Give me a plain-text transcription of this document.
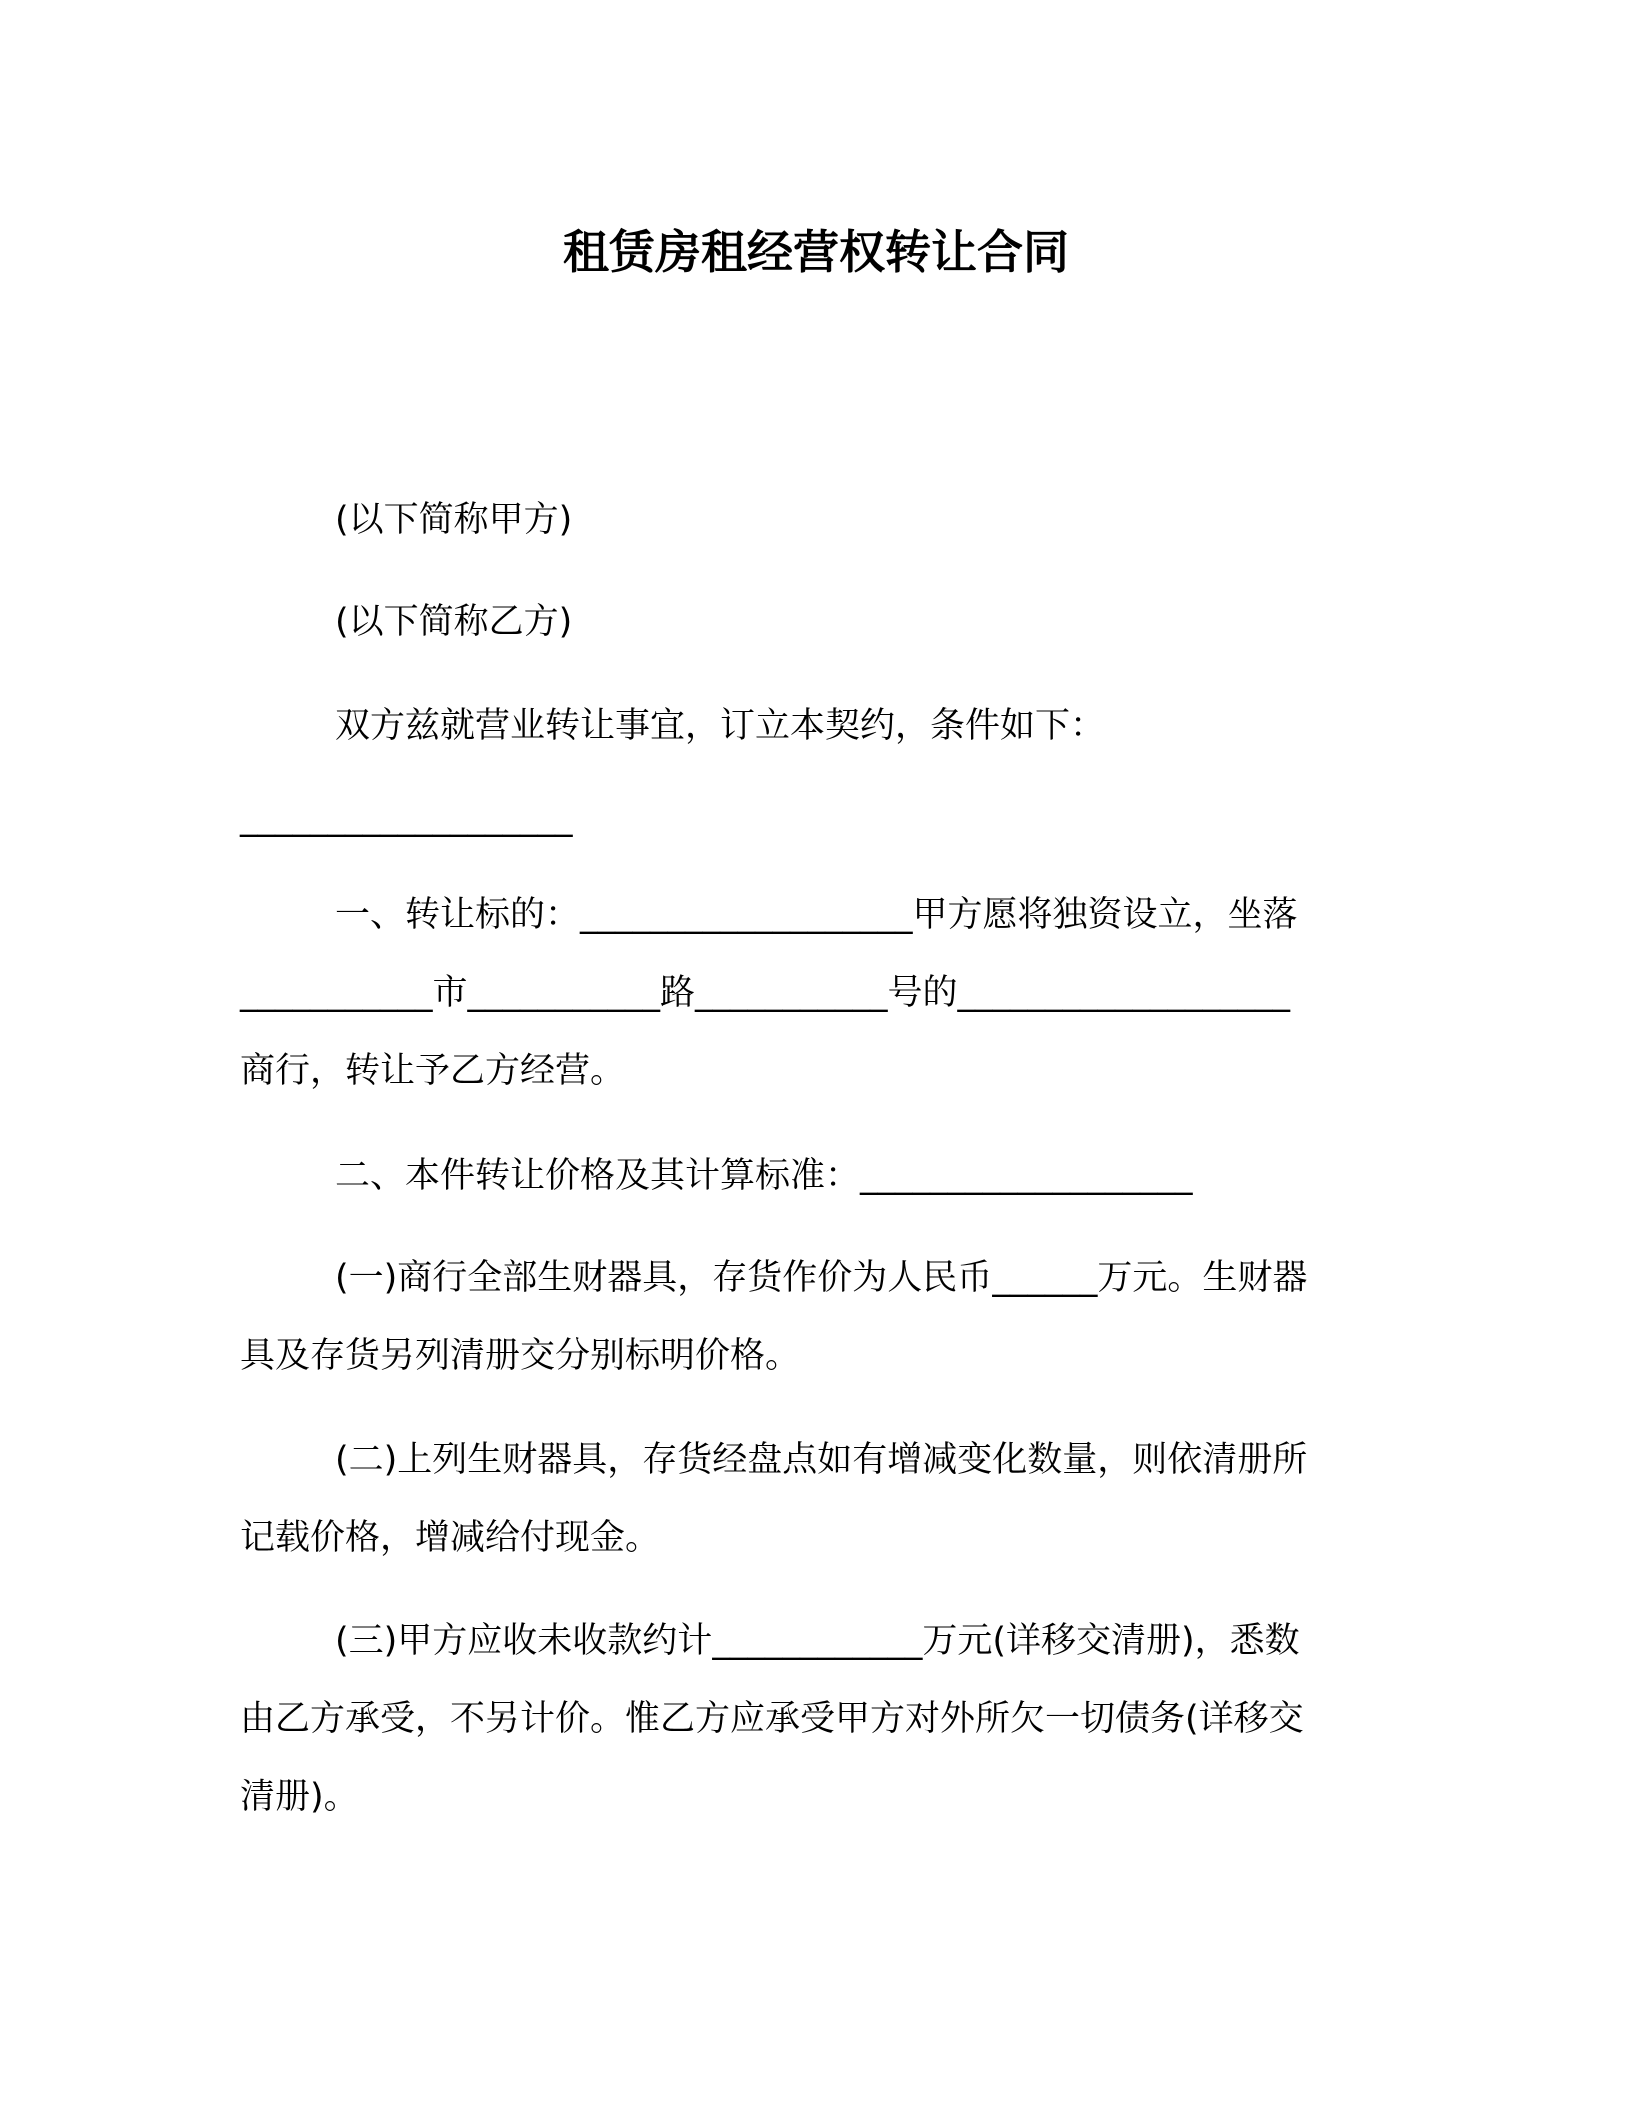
租赁房租经营权转让合同

(以下简称甲方)

(以下简称乙方)

双方兹就营业转让事宜，订立本契约，条件如下：

___________________

一、转让标的：___________________甲方愿将独资设立，坐落
___________市___________路___________号的___________________
商行，转让予乙方经营。

二、本件转让价格及其计算标准：___________________

(一)商行全部生财器具，存货作价为人民币______万元。生财器
具及存货另列清册交分别标明价格。

(二)上列生财器具，存货经盘点如有增减变化数量，则依清册所
记载价格，增减给付现金。

(三)甲方应收未收款约计____________万元(详移交清册)，悉数
由乙方承受，不另计价。惟乙方应承受甲方对外所欠一切债务(详移交
清册)。
